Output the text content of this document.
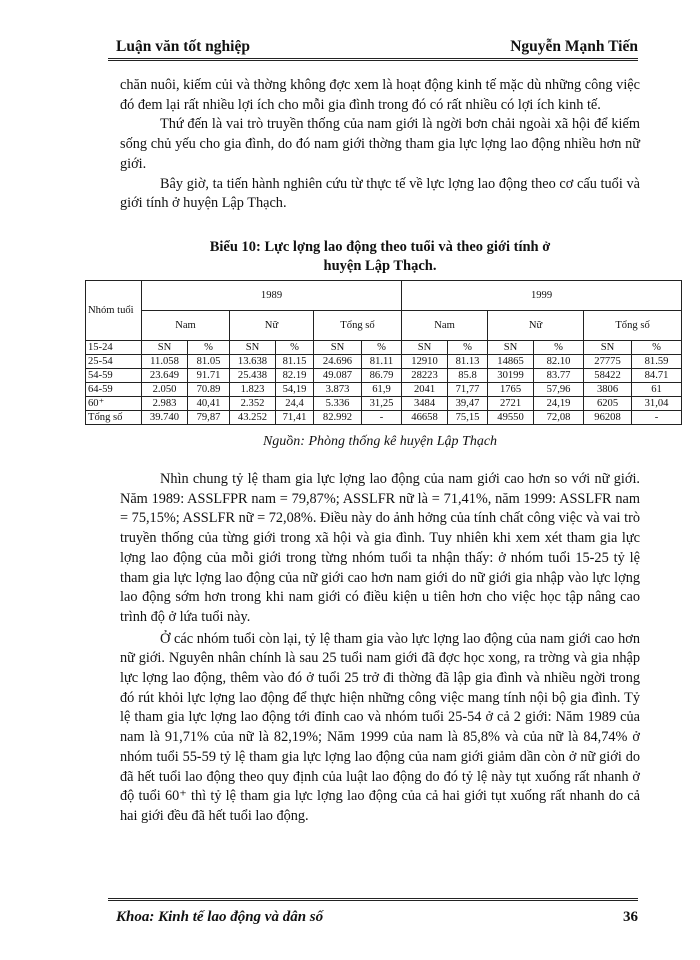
Luận văn tốt nghiệp	Nguyễn Mạnh Tiến

chăn nuôi, kiếm củi và thờng không đợc xem là hoạt động kinh tế mặc dù những công việc đó đem lại rất nhiều lợi ích cho mỗi gia đình trong đó có rất nhiều có lợi ích kinh tế.

Thứ đến là vai trò truyền thống của nam giới là ngời bơn chải ngoài xã hội để kiếm sống chủ yếu cho gia đình, do đó nam giới thờng tham gia lực lợng lao động nhiều hơn nữ giới.

Bây giờ, ta tiến hành nghiên cứu từ thực tế về lực lợng lao động theo cơ cấu tuổi và giới tính ở huyện Lập Thạch.

Biểu 10: Lực lợng lao động theo tuổi và theo giới tính ở
huyện Lập Thạch.
Nhóm tuổi	1989						1999					
	Nam		Nữ		Tổng số		Nam		Nữ		Tổng số	
15-24	SN	%	SN	%	SN	%	SN	%	SN	%	SN	%
25-54	11.058	81.05	13.638	81.15	24.696	81.11	12910	81.13	14865	82.10	27775	81.59
54-59	23.649	91.71	25.438	82.19	49.087	86.79	28223	85.8	30199	83.77	58422	84.71
64-59	2.050	70.89	1.823	54,19	3.873	61,9	2041	71,77	1765	57,96	3806	61
60⁺	2.983	40,41	2.352	24,4	5.336	31,25	3484	39,47	2721	24,19	6205	31,04
Tổng số	39.740	79,87	43.252	71,41	82.992	-	46658	75,15	49550	72,08	96208	-
Nguồn: Phòng thống kê huyện Lập Thạch

Nhìn chung tỷ lệ tham gia lực lợng lao động của nam giới cao hơn so với nữ giới. Năm 1989: ASSLFPR nam = 79,87%; ASSLFR nữ là = 71,41%, năm 1999: ASSLFR nam = 75,15%; ASSLFR nữ = 72,08%. Điều này do ảnh hởng của tính chất công việc và vai trò truyền thống của từng giới trong xã hội và gia đình. Tuy nhiên khi xem xét tham gia lực lợng lao động của mỗi giới trong từng nhóm tuổi ta nhận thấy: ở nhóm tuổi 15-25 tỷ lệ tham gia lực lợng lao động của nữ giới cao hơn nam giới do nữ giới gia nhập vào lực lợng lao động sớm hơn trong khi nam giới có điều kiện u tiên hơn cho việc học tập nâng cao trình độ ở lứa tuổi này.

Ở các nhóm tuổi còn lại, tỷ lệ tham gia vào lực lợng lao động của nam giới cao hơn nữ giới. Nguyên nhân chính là sau 25 tuổi nam giới đã đợc học xong, ra trờng và gia nhập lực lợng lao động, thêm vào đó ở tuổi 25 trở đi thờng đã lập gia đình và nhiều ngời trong đó rút khỏi lực lợng lao động để thực hiện những công việc mang tính nội bộ gia đình. Tỷ lệ tham gia lực lợng lao động tới đỉnh cao và nhóm tuổi 25-54 ở cả 2 giới: Năm 1989 của nam là 91,71% của nữ là 82,19%; Năm 1999 của nam là 85,8% và của nữ là 84,74% ở nhóm tuổi 55-59 tỷ lệ tham gia lực lợng lao động của nam giới giảm dần còn ở nữ giới do đã hết tuổi lao động theo quy định của luật lao động do đó tỷ lệ này tụt xuống rất nhanh ở độ tuổi 60⁺ thì tỷ lệ tham gia lực lợng lao động của cả hai giới tụt xuống rất nhanh do cả hai giới đều đã hết tuổi lao động.

Khoa: Kinh tế lao động và dân số	36
